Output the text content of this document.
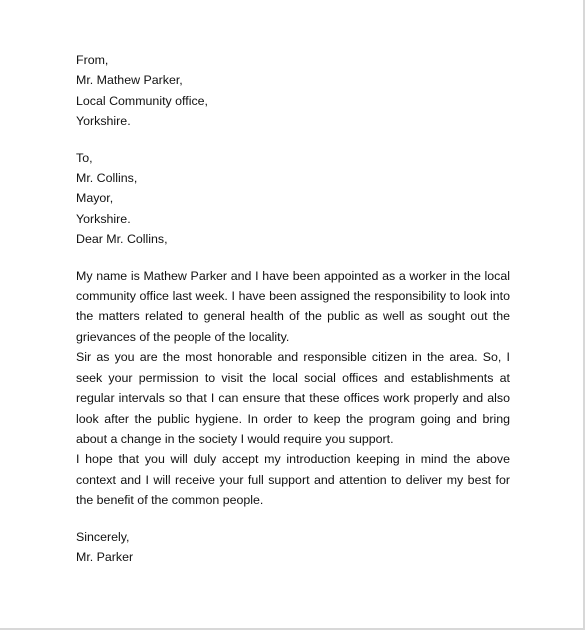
From,
Mr. Mathew Parker,
Local Community office,
Yorkshire.
To,
Mr. Collins,
Mayor,
Yorkshire.
Dear Mr. Collins,
My name is Mathew Parker and I have been appointed as a worker in the local community office last week. I have been assigned the responsibility to look into the matters related to general health of the public as well as sought out the grievances of the people of the locality.
Sir as you are the most honorable and responsible citizen in the area. So, I seek your permission to visit the local social offices and establishments at regular intervals so that I can ensure that these offices work properly and also look after the public hygiene. In order to keep the program going and bring about a change in the society I would require you support.
I hope that you will duly accept my introduction keeping in mind the above context and I will receive your full support and attention to deliver my best for the benefit of the common people.
Sincerely,
Mr. Parker
